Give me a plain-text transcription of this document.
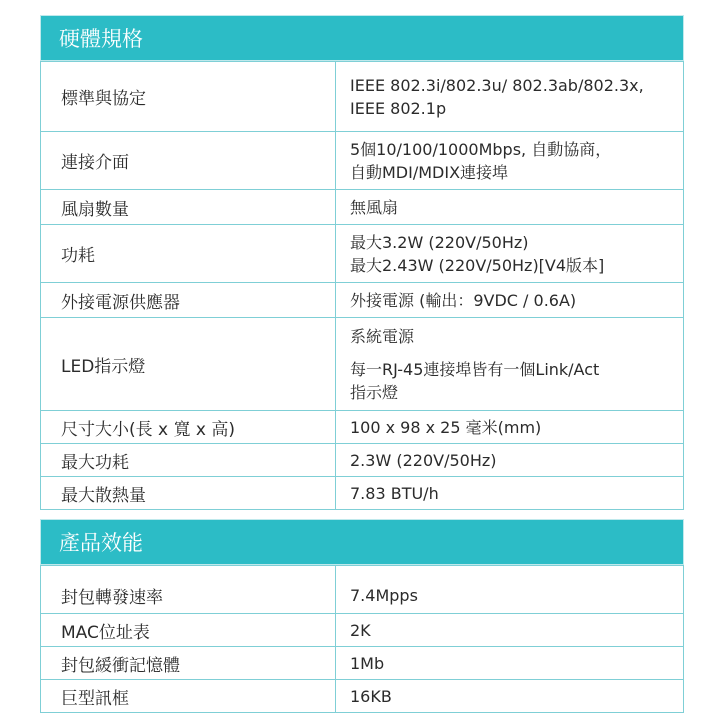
硬體規格
標準與協定	IEEE 802.3i/802.3u/ 802.3ab/802.3x,
IEEE 802.1p

連接介面	5個10/100/1000Mbps, 自動協商，
自動MDI/MDIX連接埠

風扇數量	無風扇

功耗	最大3.2W (220V/50Hz)
最大2.43W (220V/50Hz)[V4版本]

外接電源供應器	外接電源 (輸出：9VDC / 0.6A)

LED指示燈	系統電源
每一RJ-45連接埠皆有一個Link/Act
指示燈

尺寸大小(長 x 寬 x 高)	100 x 98 x 25 毫米(mm)

最大功耗	2.3W (220V/50Hz)

最大散熱量	7.83 BTU/h
產品效能
封包轉發速率	7.4Mpps

MAC位址表	2K

封包緩衝記憶體	1Mb

巨型訊框	16KB
